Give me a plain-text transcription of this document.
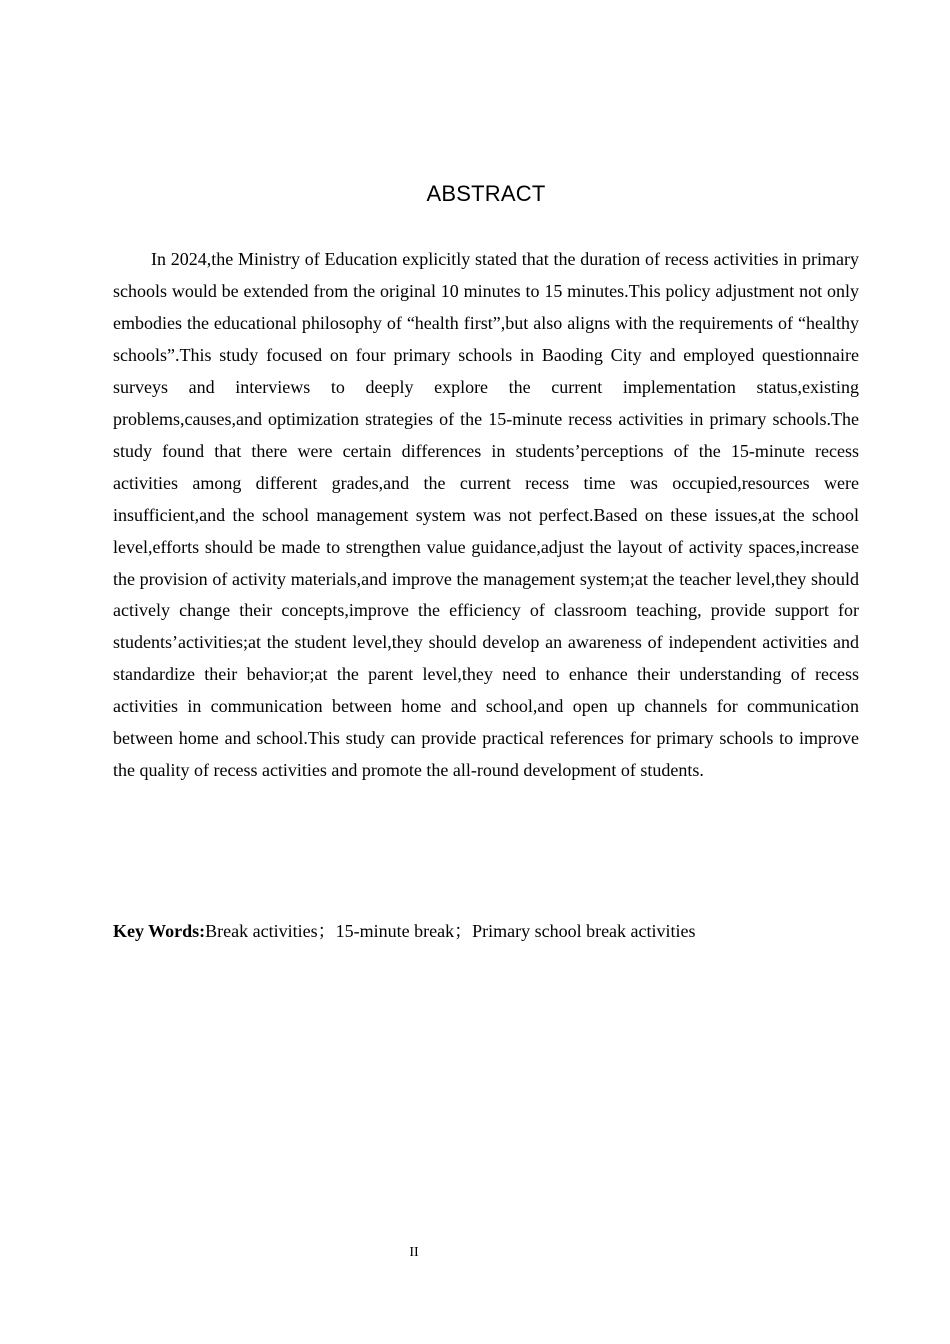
ABSTRACT

In 2024,the Ministry of Education explicitly stated that the duration of recess activities in primary schools would be extended from the original 10 minutes to 15 minutes.This policy adjustment not only embodies the educational philosophy of “health first”,but also aligns with the requirements of “healthy schools”.This study focused on four primary schools in Baoding City and employed questionnaire surveys and interviews to deeply explore the current implementation status,existing problems,causes,and optimization strategies of the 15-minute recess activities in primary schools.The study found that there were certain differences in students’perceptions of the 15-minute recess activities among different grades,and the current recess time was occupied,resources were insufficient,and the school management system was not perfect.Based on these issues,at the school level,efforts should be made to strengthen value guidance,adjust the layout of activity spaces,increase the provision of activity materials,and improve the management system;at the teacher level,they should actively change their concepts,improve the efficiency of classroom teaching, provide support for students’activities;at the student level,they should develop an awareness of independent activities and standardize their behavior;at the parent level,they need to enhance their understanding of recess activities in communication between home and school,and open up channels for communication between home and school.This study can provide practical references for primary schools to improve the quality of recess activities and promote the all-round development of students.

Key Words:Break activities；15-minute break；Primary school break activities

II
